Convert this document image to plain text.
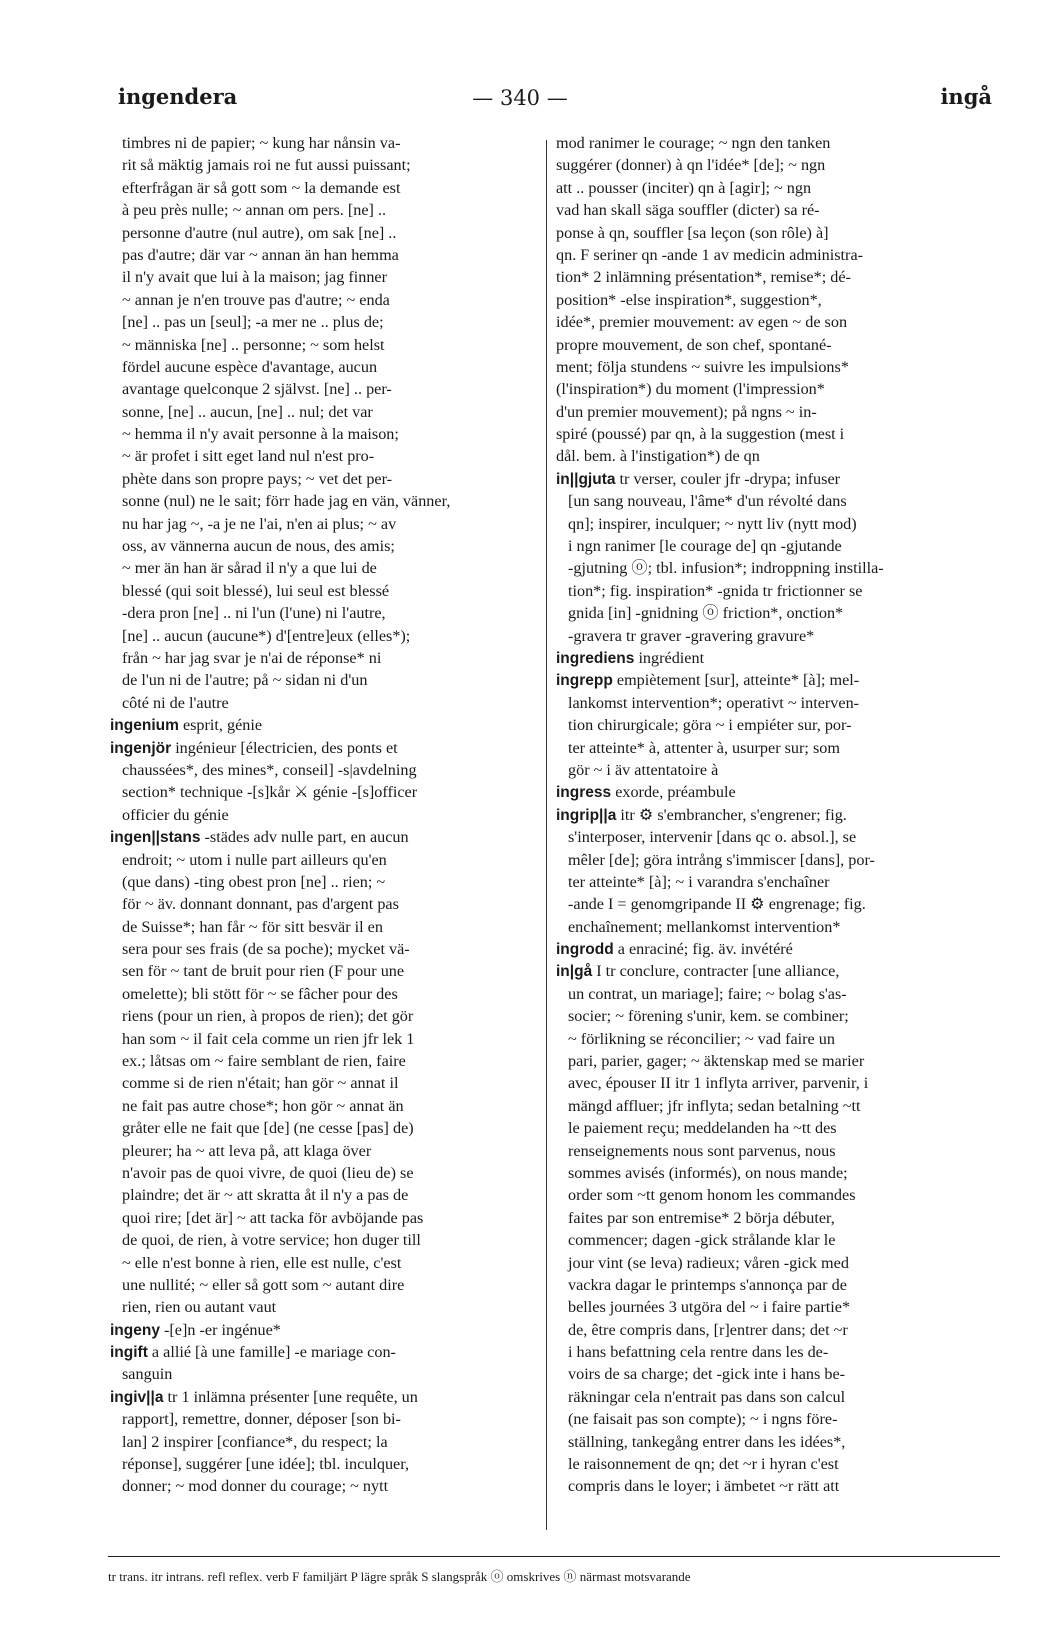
ingendera	— 340 —	ingå
timbres ni de papier; ~ kung har nånsin va-
rit så mäktig jamais roi ne fut aussi puissant;
efterfrågan är så gott som ~ la demande est
à peu près nulle; ~ annan om pers. [ne] ..
personne d'autre (nul autre), om sak [ne] ..
pas d'autre; där var ~ annan än han hemma
il n'y avait que lui à la maison; jag finner
~ annan je n'en trouve pas d'autre; ~ enda
[ne] .. pas un [seul]; -a mer ne .. plus de;
~ människa [ne] .. personne; ~ som helst
fördel aucune espèce d'avantage, aucun
avantage quelconque 2 självst. [ne] .. per-
sonne, [ne] .. aucun, [ne] .. nul; det var
~ hemma il n'y avait personne à la maison;
~ är profet i sitt eget land nul n'est pro-
phète dans son propre pays; ~ vet det per-
sonne (nul) ne le sait; förr hade jag en vän, vänner,
nu har jag ~, -a je ne l'ai, n'en ai plus; ~ av
oss, av vännerna aucun de nous, des amis;
~ mer än han är sårad il n'y a que lui de
blessé (qui soit blessé), lui seul est blessé
-dera pron [ne] .. ni l'un (l'une) ni l'autre,
[ne] .. aucun (aucune*) d'[entre]eux (elles*);
från ~ har jag svar je n'ai de réponse* ni
de l'un ni de l'autre; på ~ sidan ni d'un
côté ni de l'autre
ingenium esprit, génie
ingenjör ingénieur [électricien, des ponts et
chaussées*, des mines*, conseil] -s|avdelning
section* technique -[s]kår ⚔ génie -[s]officer
officier du génie
ingen||stans -städes adv nulle part, en aucun
endroit; ~ utom i nulle part ailleurs qu'en
(que dans) -ting obest pron [ne] .. rien; ~
för ~ äv. donnant donnant, pas d'argent pas
de Suisse*; han får ~ för sitt besvär il en
sera pour ses frais (de sa poche); mycket vä-
sen för ~ tant de bruit pour rien (F pour une
omelette); bli stött för ~ se fâcher pour des
riens (pour un rien, à propos de rien); det gör
han som ~ il fait cela comme un rien jfr lek 1
ex.; låtsas om ~ faire semblant de rien, faire
comme si de rien n'était; han gör ~ annat il
ne fait pas autre chose*; hon gör ~ annat än
gråter elle ne fait que [de] (ne cesse [pas] de)
pleurer; ha ~ att leva på, att klaga över
n'avoir pas de quoi vivre, de quoi (lieu de) se
plaindre; det är ~ att skratta åt il n'y a pas de
quoi rire; [det är] ~ att tacka för avböjande pas
de quoi, de rien, à votre service; hon duger till
~ elle n'est bonne à rien, elle est nulle, c'est
une nullité; ~ eller så gott som ~ autant dire
rien, rien ou autant vaut
ingeny -[e]n -er ingénue*
ingift a allié [à une famille] -e mariage con-
sanguin
ingiv||a tr 1 inlämna présenter [une requête, un
rapport], remettre, donner, déposer [son bi-
lan] 2 inspirer [confiance*, du respect; la
réponse], suggérer [une idée]; tbl. inculquer,
donner; ~ mod donner du courage; ~ nytt
mod ranimer le courage; ~ ngn den tanken
suggérer (donner) à qn l'idée* [de]; ~ ngn
att .. pousser (inciter) qn à [agir]; ~ ngn
vad han skall säga souffler (dicter) sa ré-
ponse à qn, souffler [sa leçon (son rôle) à]
qn. F seriner qn -ande 1 av medicin administra-
tion* 2 inlämning présentation*, remise*; dé-
position* -else inspiration*, suggestion*,
idée*, premier mouvement: av egen ~ de son
propre mouvement, de son chef, spontané-
ment; följa stundens ~ suivre les impulsions*
(l'inspiration*) du moment (l'impression*
d'un premier mouvement); på ngns ~ in-
spiré (poussé) par qn, à la suggestion (mest i
dål. bem. à l'instigation*) de qn
in||gjuta tr verser, couler jfr -drypa; infuser
[un sang nouveau, l'âme* d'un révolté dans
qn]; inspirer, inculquer; ~ nytt liv (nytt mod)
i ngn ranimer [le courage de] qn -gjutande
-gjutning ⓞ; tbl. infusion*; indroppning instilla-
tion*; fig. inspiration* -gnida tr frictionner se
gnida [in] -gnidning ⓞ friction*, onction*
-gravera tr graver -gravering gravure*
ingrediens ingrédient
ingrepp empiètement [sur], atteinte* [à]; mel-
lankomst intervention*; operativt ~ interven-
tion chirurgicale; göra ~ i empiéter sur, por-
ter atteinte* à, attenter à, usurper sur; som
gör ~ i äv attentatoire à
ingress exorde, préambule
ingrip||a itr ⚙ s'embrancher, s'engrener; fig.
s'interposer, intervenir [dans qc o. absol.], se
mêler [de]; göra intrång s'immiscer [dans], por-
ter atteinte* [à]; ~ i varandra s'enchaîner
-ande I = genomgripande II ⚙ engrenage; fig.
enchaînement; mellankomst intervention*
ingrodd a enraciné; fig. äv. invétéré
in|gå I tr conclure, contracter [une alliance,
un contrat, un mariage]; faire; ~ bolag s'as-
socier; ~ förening s'unir, kem. se combiner;
~ förlikning se réconcilier; ~ vad faire un
pari, parier, gager; ~ äktenskap med se marier
avec, épouser II itr 1 inflyta arriver, parvenir, i
mängd affluer; jfr inflyta; sedan betalning ~tt
le paiement reçu; meddelanden ha ~tt des
renseignements nous sont parvenus, nous
sommes avisés (informés), on nous mande;
order som ~tt genom honom les commandes
faites par son entremise* 2 börja débuter,
commencer; dagen -gick strålande klar le
jour vint (se leva) radieux; våren -gick med
vackra dagar le printemps s'annonça par de
belles journées 3 utgöra del ~ i faire partie*
de, être compris dans, [r]entrer dans; det ~r
i hans befattning cela rentre dans les de-
voirs de sa charge; det -gick inte i hans be-
räkningar cela n'entrait pas dans son calcul
(ne faisait pas son compte); ~ i ngns före-
ställning, tankegång entrer dans les idées*,
le raisonnement de qn; det ~r i hyran c'est
compris dans le loyer; i ämbetet ~r rätt att
tr trans. itr intrans. refl reflex. verb F familjärt P lägre språk S slangspråk ⓞ omskrives ⓝ närmast motsvarande
